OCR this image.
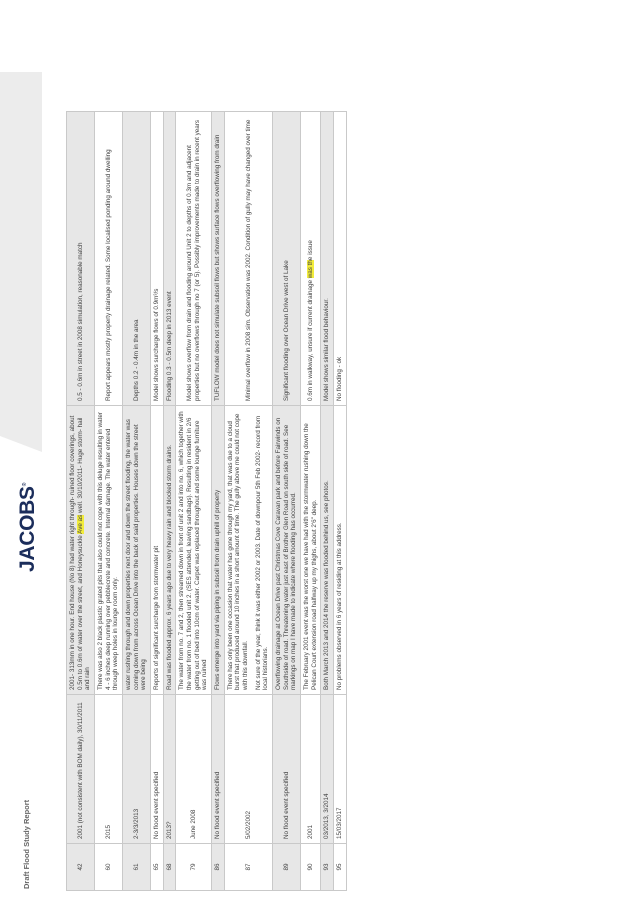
Draft Flood Study Report
JACOBS®
42	2001 (not consistent with BOM daily), 30/11/2011	2001- 313mm in one hour. End house (No 8) had water right through- ruined floor coverings, about 0.5m to 0.6m of water over the street, and Honeysuckle Ave as well. 30/10/2011- Huge storm- hail and rain	0.5 - 0.6m in street in 2008 simulation, reasonable match
60	2015	There was also 2 black plastic grated pits that also could not cope with this deluge resulting in water 4 - 6 inches deep running over pebblecrete and concrete. Internal damage. The water entered through weep holes in lounge room only.	Report appears mostly property drainage related. Some localised ponding around dwelling
61	2-3/3/2013	water rushing through and down properties next door and down the street flooding, the water was coming down from across Ocean Drive into the back of said properties. Houses down the street were being	Depths 0.2 - 0.4m in the area
65	No flood event specified	Reports of significant surcharge from stormwater pit	Model shows surcharge flows of 0.9m³/s
68	2013?	Road was flooded approx. 6 years ago due to very heavy rain and blocked storm drains.	Flooding 0.3 - 0.5m deep in 2013 event
79	June 2008	The water from no. 7 and 2, then streamed down in front of unit 2 and into no. 6, which together with the water from no. 1 flooded unit 2. (SES attended, leaving sandbags). Resulting in resident in 2/6 getting out of bed into 10cm of water. Carpet was replaced throughout and some lounge furniture was ruined	Model shows overflow from drain and flooding around Unit 2 to depths of 0.3m and adjacent properties but no overflows through no 7 (or 5). Possibly improvements made to drain in recent years
86	No flood event specified	Flows emerge into yard via piping in subsoil from drain uphill of property	TUFLOW model does not simulate subsoil flows but shows surface flows overflowing from drain
87	5/02/2002	There has only been one occasion that water has gone through my yard, that was due to a cloud burst that produced around 10 inches in a short amount of time. The gully above me could not cope with this downfall. Not sure of the year, think it was either 2002 or 2003. Date of downpour 5th Feb 2002- record from local historians.	Minimal overflow in 2008 sim. Observation was 2002. Condition of gully may have changed over time
89	No flood event specified	Overflowing drainage at Ocean Drive past Christmas Cove Caravan park and before Fairwinds on Southside of road. Threatening water just east of Brother Glen Road on south side of road. See markings on map I have made to indicate where flooding has occurred.	Significant flooding over Ocean Drive west of Lake
90	2001	The February 2001 event was the worst one we have had with the stormwater rushing down the Pelican Court extension road halfway up my thighs, about 2'6" deep.	0.6m in walkway, unsure if current drainage was the issue
93	03/2013, 3/2014	Both March 2013 and 2014 the reserve was flooded behind us, see photos.	Model shows similar flood behaviour.
95	15/03/2017	No problems observed in 6 years of residing at this address.	No flooding - ok
